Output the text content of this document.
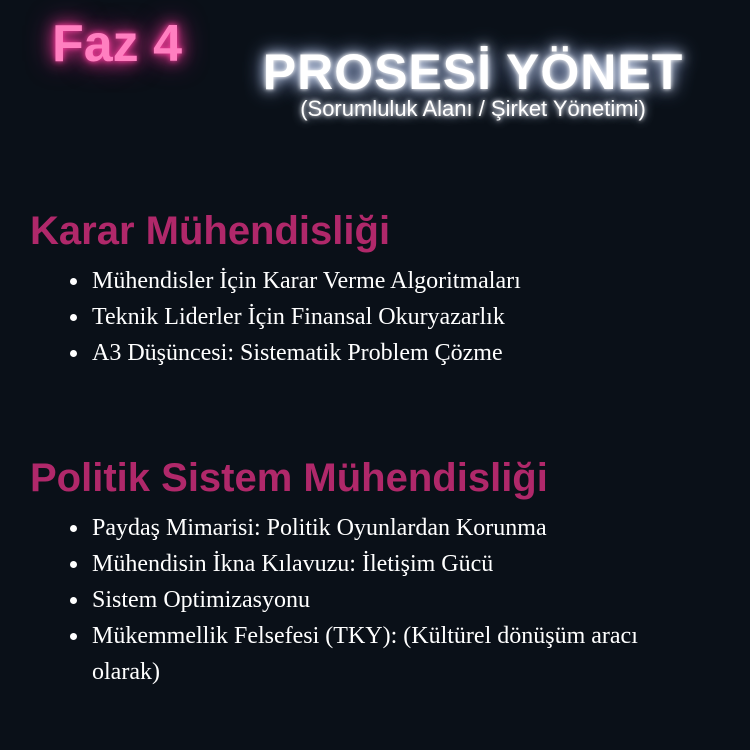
Faz 4	PROSESİ YÖNET
(Sorumluluk Alanı / Şirket Yönetimi)
Karar Mühendisliği
Mühendisler İçin Karar Verme Algoritmaları
Teknik Liderler İçin Finansal Okuryazarlık
A3 Düşüncesi: Sistematik Problem Çözme
Politik Sistem Mühendisliği
Paydaş Mimarisi: Politik Oyunlardan Korunma
Mühendisin İkna Kılavuzu: İletişim Gücü
Sistem Optimizasyonu
Mükemmellik Felsefesi (TKY): (Kültürel dönüşüm aracı olarak)
